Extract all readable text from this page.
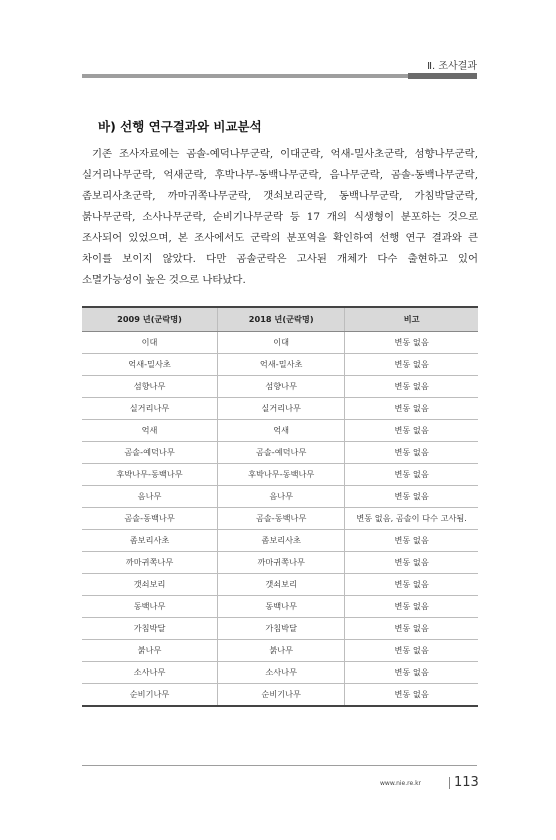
Ⅱ. 조사결과
바) 선행 연구결과와 비교분석

기존 조사자료에는 곰솔-예덕나무군락, 이대군락, 억새-밀사초군락, 섬향나무군락, 실거리나무군락, 억새군락, 후박나무-동백나무군락, 음나무군락, 곰솔-동백나무군락, 좀보리사초군락, 까마귀쪽나무군락, 갯쇠보리군락, 동백나무군락, 가침박달군락, 붉나무군락, 소사나무군락, 순비기나무군락 등 17 개의 식생형이 분포하는 것으로 조사되어 있었으며, 본 조사에서도 군락의 분포역을 확인하여 선행 연구 결과와 큰 차이를 보이지 않았다. 다만 곰솔군락은 고사된 개체가 다수 출현하고 있어 소멸가능성이 높은 것으로 나타났다.

2009 년(군락명)	2018 년(군락명)	비고
이대	이대	변동 없음
억새-밀사초	억새-밀사초	변동 없음
섬향나무	섬향나무	변동 없음
실거리나무	실거리나무	변동 없음
억새	억새	변동 없음
곰솔-예덕나무	곰솔-예덕나무	변동 없음
후박나무-동백나무	후박나무-동백나무	변동 없음
음나무	음나무	변동 없음
곰솔-동백나무	곰솔-동백나무	변동 없음, 곰솔이 다수 고사됨.
좀보리사초	좀보리사초	변동 없음
까마귀쪽나무	까마귀쪽나무	변동 없음
갯쇠보리	갯쇠보리	변동 없음
동백나무	동백나무	변동 없음
가침박달	가침박달	변동 없음
붉나무	붉나무	변동 없음
소사나무	소사나무	변동 없음
순비기나무	순비기나무	변동 없음
www.nie.re.kr	113
